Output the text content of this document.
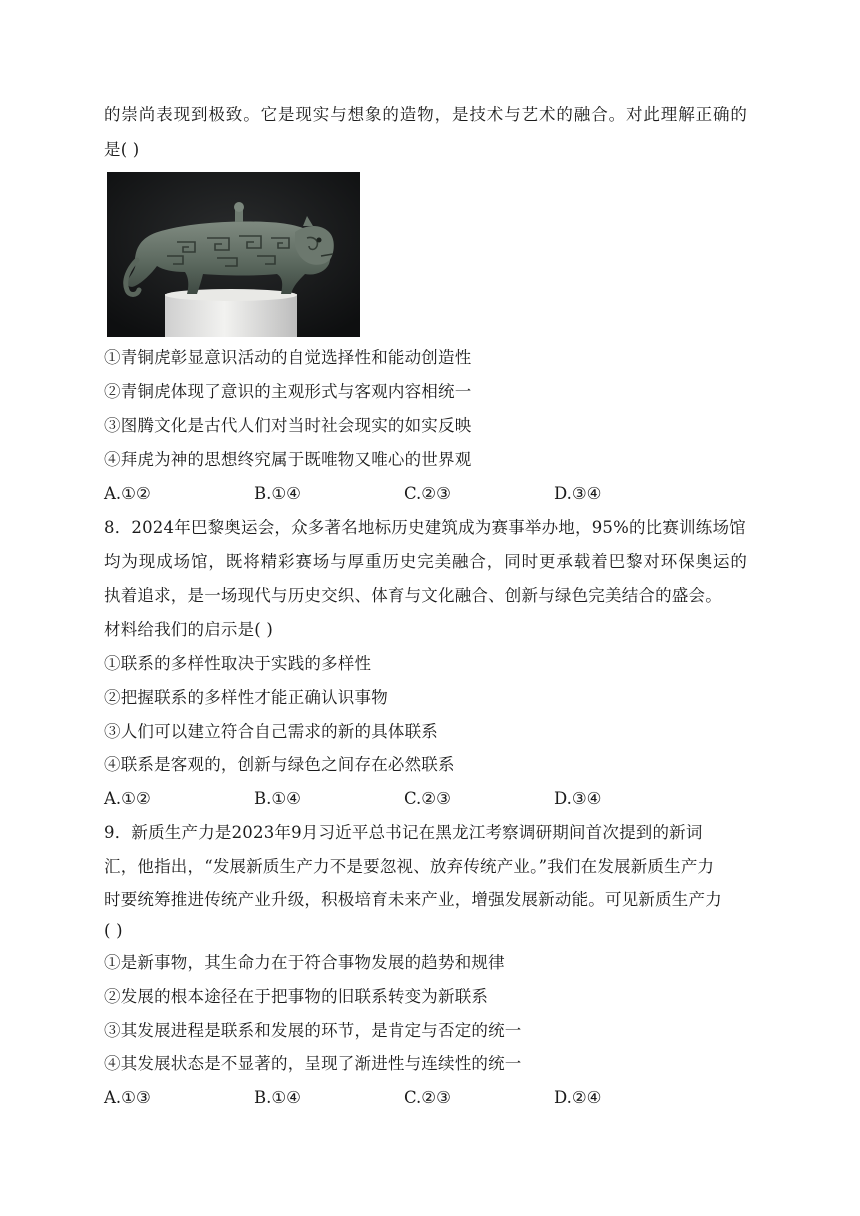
的崇尚表现到极致。它是现实与想象的造物，是技术与艺术的融合。对此理解正确的
是( )
①青铜虎彰显意识活动的自觉选择性和能动创造性
②青铜虎体现了意识的主观形式与客观内容相统一
③图腾文化是古代人们对当时社会现实的如实反映
④拜虎为神的思想终究属于既唯物又唯心的世界观
A.①②	B.①④	C.②③	D.③④
8．2024年巴黎奥运会，众多著名地标历史建筑成为赛事举办地，95%的比赛训练场馆
均为现成场馆，既将精彩赛场与厚重历史完美融合，同时更承载着巴黎对环保奥运的
执着追求，是一场现代与历史交织、体育与文化融合、创新与绿色完美结合的盛会。
材料给我们的启示是( )
①联系的多样性取决于实践的多样性
②把握联系的多样性才能正确认识事物
③人们可以建立符合自己需求的新的具体联系
④联系是客观的，创新与绿色之间存在必然联系
A.①②	B.①④	C.②③	D.③④
9．新质生产力是2023年9月习近平总书记在黑龙江考察调研期间首次提到的新词
汇，他指出，“发展新质生产力不是要忽视、放弃传统产业。”我们在发展新质生产力
时要统筹推进传统产业升级，积极培育未来产业，增强发展新动能。可见新质生产力
( )
①是新事物，其生命力在于符合事物发展的趋势和规律
②发展的根本途径在于把事物的旧联系转变为新联系
③其发展进程是联系和发展的环节，是肯定与否定的统一
④其发展状态是不显著的，呈现了渐进性与连续性的统一
A.①③	B.①④	C.②③	D.②④
